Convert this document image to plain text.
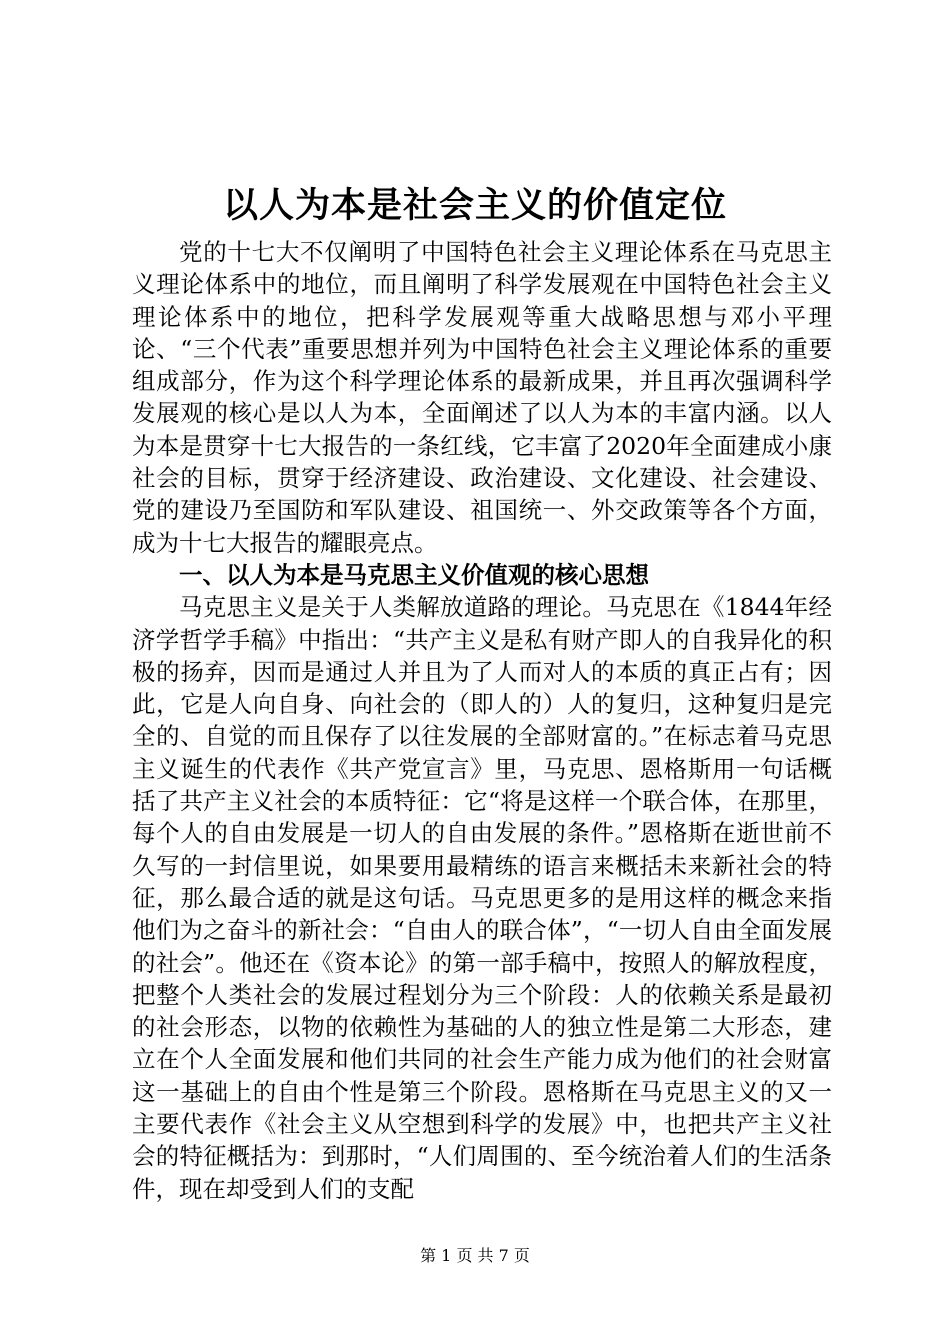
以人为本是社会主义的价值定位

党的十七大不仅阐明了中国特色社会主义理论体系在马克思主义理论体系中的地位，而且阐明了科学发展观在中国特色社会主义理论体系中的地位，把科学发展观等重大战略思想与邓小平理论、“三个代表”重要思想并列为中国特色社会主义理论体系的重要组成部分，作为这个科学理论体系的最新成果，并且再次强调科学发展观的核心是以人为本，全面阐述了以人为本的丰富内涵。以人为本是贯穿十七大报告的一条红线，它丰富了2020年全面建成小康社会的目标，贯穿于经济建设、政治建设、文化建设、社会建设、党的建设乃至国防和军队建设、祖国统一、外交政策等各个方面，成为十七大报告的耀眼亮点。

一、以人为本是马克思主义价值观的核心思想

马克思主义是关于人类解放道路的理论。马克思在《1844年经济学哲学手稿》中指出：“共产主义是私有财产即人的自我异化的积极的扬弃，因而是通过人并且为了人而对人的本质的真正占有；因此，它是人向自身、向社会的（即人的）人的复归，这种复归是完全的、自觉的而且保存了以往发展的全部财富的。”在标志着马克思主义诞生的代表作《共产党宣言》里，马克思、恩格斯用一句话概括了共产主义社会的本质特征：它“将是这样一个联合体，在那里，每个人的自由发展是一切人的自由发展的条件。”恩格斯在逝世前不久写的一封信里说，如果要用最精练的语言来概括未来新社会的特征，那么最合适的就是这句话。马克思更多的是用这样的概念来指他们为之奋斗的新社会：“自由人的联合体”，“一切人自由全面发展的社会”。他还在《资本论》的第一部手稿中，按照人的解放程度，把整个人类社会的发展过程划分为三个阶段：人的依赖关系是最初的社会形态，以物的依赖性为基础的人的独立性是第二大形态，建立在个人全面发展和他们共同的社会生产能力成为他们的社会财富这一基础上的自由个性是第三个阶段。恩格斯在马克思主义的又一主要代表作《社会主义从空想到科学的发展》中，也把共产主义社会的特征概括为：到那时，“人们周围的、至今统治着人们的生活条件，现在却受到人们的支配

第 1 页 共 7 页
